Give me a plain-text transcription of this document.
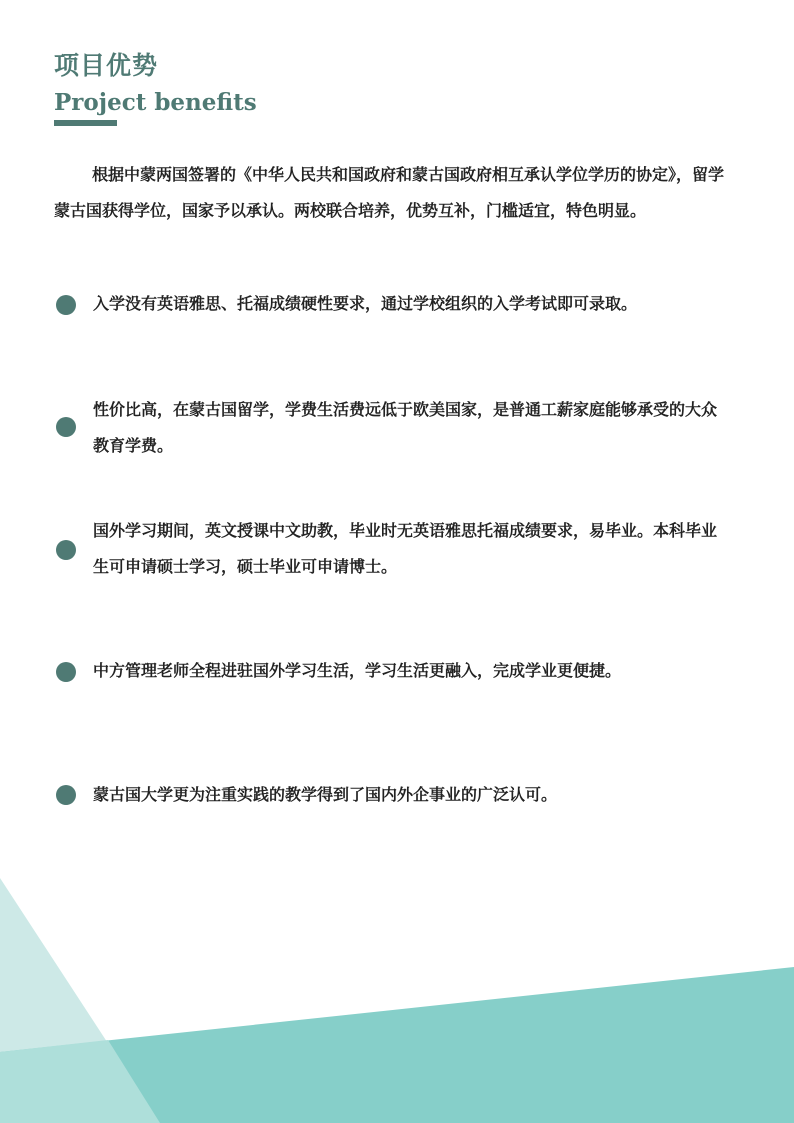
项目优势
Project benefits

根据中蒙两国签署的《中华人民共和国政府和蒙古国政府相互承认学位学历的协定》，留学蒙古国获得学位，国家予以承认。两校联合培养，优势互补，门槛适宜，特色明显。

入学没有英语雅思、托福成绩硬性要求，通过学校组织的入学考试即可录取。

性价比高，在蒙古国留学，学费生活费远低于欧美国家，是普通工薪家庭能够承受的大众教育学费。

国外学习期间，英文授课中文助教，毕业时无英语雅思托福成绩要求，易毕业。本科毕业生可申请硕士学习，硕士毕业可申请博士。

中方管理老师全程进驻国外学习生活，学习生活更融入，完成学业更便捷。

蒙古国大学更为注重实践的教学得到了国内外企事业的广泛认可。
